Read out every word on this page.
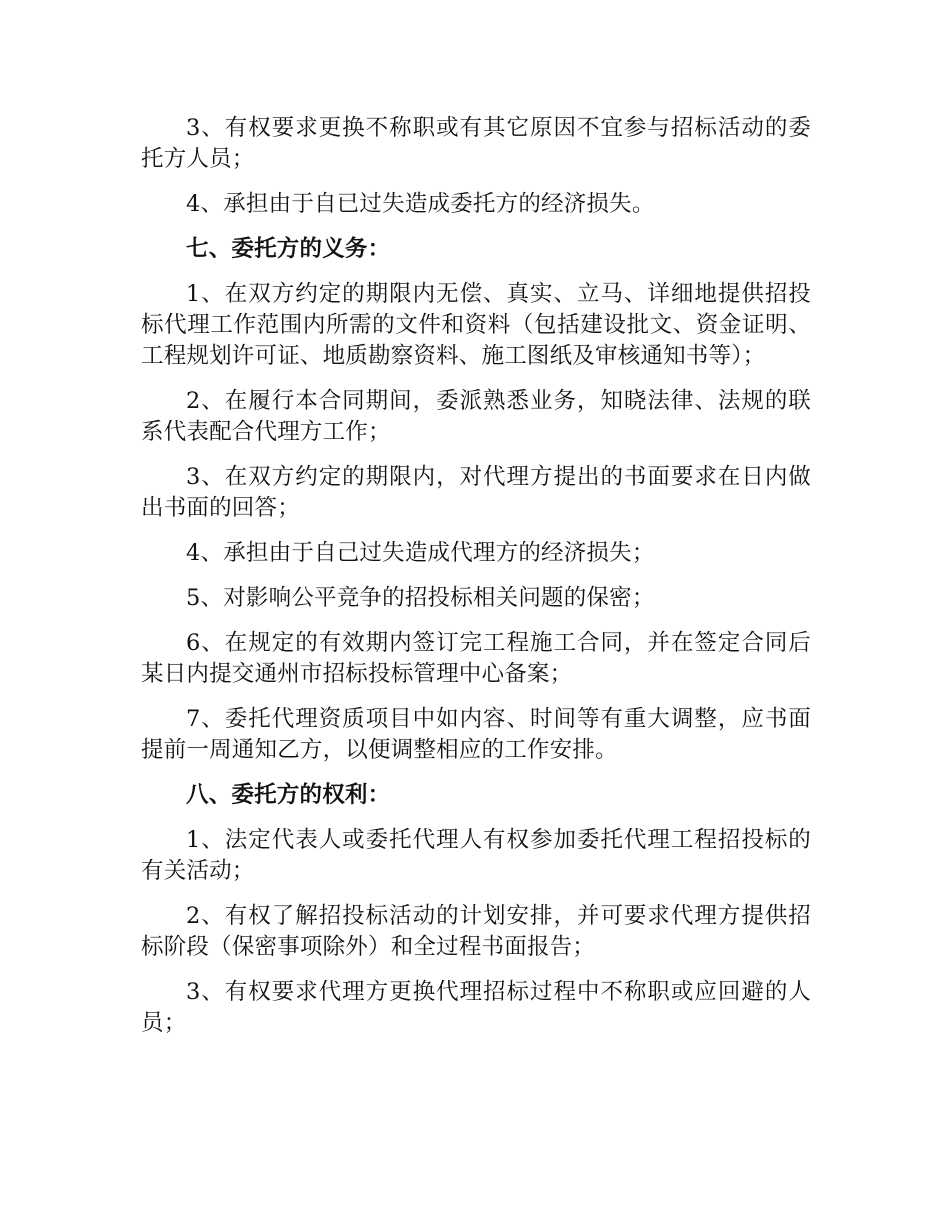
3、有权要求更换不称职或有其它原因不宜参与招标活动的委托方人员；

4、承担由于自已过失造成委托方的经济损失。

七、委托方的义务：

1、在双方约定的期限内无偿、真实、立马、详细地提供招投标代理工作范围内所需的文件和资料（包括建设批文、资金证明、工程规划许可证、地质勘察资料、施工图纸及审核通知书等）；

2、在履行本合同期间，委派熟悉业务，知晓法律、法规的联系代表配合代理方工作；

3、在双方约定的期限内，对代理方提出的书面要求在日内做出书面的回答；

4、承担由于自己过失造成代理方的经济损失；

5、对影响公平竞争的招投标相关问题的保密；

6、在规定的有效期内签订完工程施工合同，并在签定合同后某日内提交通州市招标投标管理中心备案；

7、委托代理资质项目中如内容、时间等有重大调整，应书面提前一周通知乙方，以便调整相应的工作安排。

八、委托方的权利：

1、法定代表人或委托代理人有权参加委托代理工程招投标的有关活动；

2、有权了解招投标活动的计划安排，并可要求代理方提供招标阶段（保密事项除外）和全过程书面报告；

3、有权要求代理方更换代理招标过程中不称职或应回避的人员；
